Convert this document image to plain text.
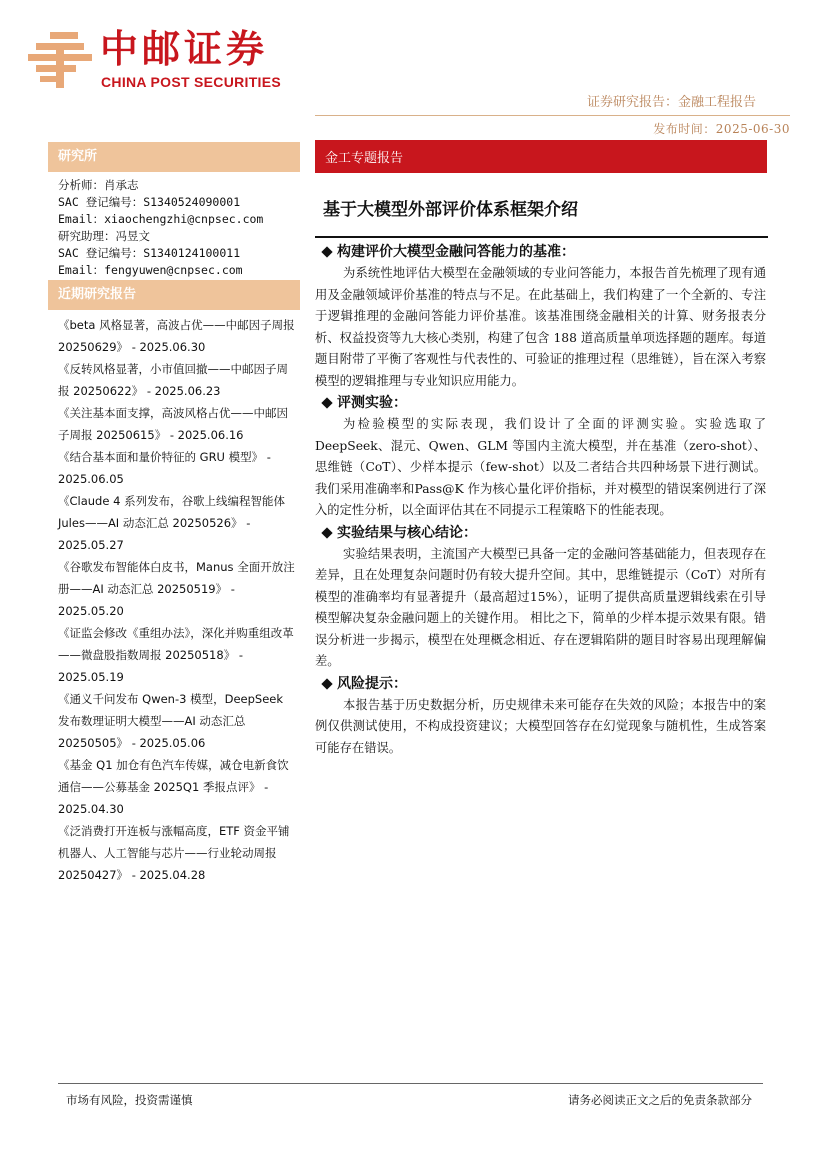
中邮证券
CHINA POST SECURITIES
证券研究报告：金融工程报告
发布时间：2025-06-30
研究所
分析师：肖承志
SAC 登记编号：S1340524090001
Email：xiaochengzhi@cnpsec.com
研究助理：冯昱文
SAC 登记编号：S1340124100011
Email：fengyuwen@cnpsec.com
近期研究报告

《beta 风格显著，高波占优——中邮因子周报 20250629》 - 2025.06.30

《反转风格显著，小市值回撤——中邮因子周报 20250622》 - 2025.06.23

《关注基本面支撑，高波风格占优——中邮因子周报 20250615》 - 2025.06.16

《结合基本面和量价特征的 GRU 模型》 - 2025.06.05

《Claude 4 系列发布，谷歌上线编程智能体 Jules——AI 动态汇总 20250526》 - 2025.05.27

《谷歌发布智能体白皮书，Manus 全面开放注册——AI 动态汇总 20250519》 - 2025.05.20

《证监会修改《重组办法》，深化并购重组改革——微盘股指数周报 20250518》 - 2025.05.19

《通义千问发布 Qwen-3 模型，DeepSeek 发布数理证明大模型——AI 动态汇总 20250505》 - 2025.05.06

《基金 Q1 加仓有色汽车传媒，减仓电新食饮通信——公募基金 2025Q1 季报点评》 - 2025.04.30

《泛消费打开连板与涨幅高度，ETF 资金平铺机器人、人工智能与芯片——行业轮动周报 20250427》 - 2025.04.28

金工专题报告
基于大模型外部评价体系框架介绍
构建评价大模型金融问答能力的基准：

为系统性地评估大模型在金融领域的专业问答能力，本报告首先梳理了现有通用及金融领域评价基准的特点与不足。在此基础上，我们构建了一个全新的、专注于逻辑推理的金融问答能力评价基准。该基准围绕金融相关的计算、财务报表分析、权益投资等九大核心类别，构建了包含 188 道高质量单项选择题的题库。每道题目附带了平衡了客观性与代表性的、可验证的推理过程（思维链），旨在深入考察模型的逻辑推理与专业知识应用能力。

评测实验：

为检验模型的实际表现，我们设计了全面的评测实验。实验选取了 DeepSeek、混元、Qwen、GLM 等国内主流大模型，并在基准（zero-shot）、思维链（CoT）、少样本提示（few-shot）以及二者结合共四种场景下进行测试。我们采用准确率和Pass@K 作为核心量化评价指标，并对模型的错误案例进行了深入的定性分析，以全面评估其在不同提示工程策略下的性能表现。

实验结果与核心结论：

实验结果表明，主流国产大模型已具备一定的金融问答基础能力，但表现存在差异，且在处理复杂问题时仍有较大提升空间。其中，思维链提示（CoT）对所有模型的准确率均有显著提升（最高超过15%），证明了提供高质量逻辑线索在引导模型解决复杂金融问题上的关键作用。 相比之下，简单的少样本提示效果有限。错误分析进一步揭示，模型在处理概念相近、存在逻辑陷阱的题目时容易出现理解偏差。

风险提示：

本报告基于历史数据分析，历史规律未来可能存在失效的风险；本报告中的案例仅供测试使用，不构成投资建议；大模型回答存在幻觉现象与随机性，生成答案可能存在错误。

市场有风险，投资需谨慎	请务必阅读正文之后的免责条款部分
